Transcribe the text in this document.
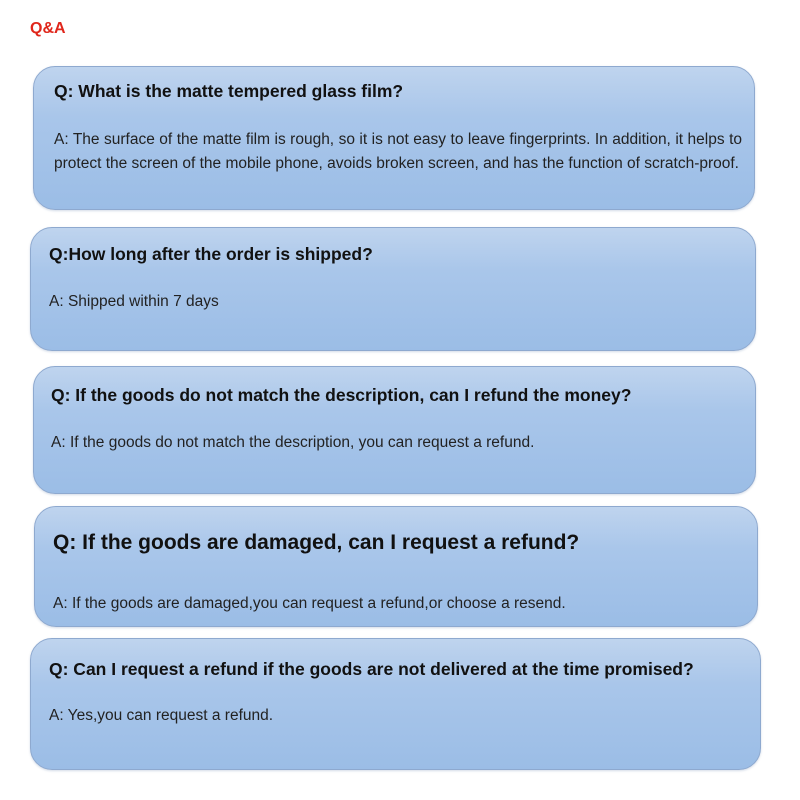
Q&A

Q: What is the matte tempered glass film?

A: The surface of the matte film is rough, so it is not easy to leave fingerprints. In addition, it helps to protect the screen of the mobile phone, avoids broken screen, and has the function of scratch-proof.

Q:How long after the order is shipped?

A: Shipped within 7 days

Q: If the goods do not match the description, can I refund the money?

A: If the goods do not match the description, you can request a refund.

Q: If the goods are damaged, can I request a refund?

A: If the goods are damaged,you can request a refund,or choose a resend.

Q: Can I request a refund if the goods are not delivered at the time promised?

A: Yes,you can request a refund.
